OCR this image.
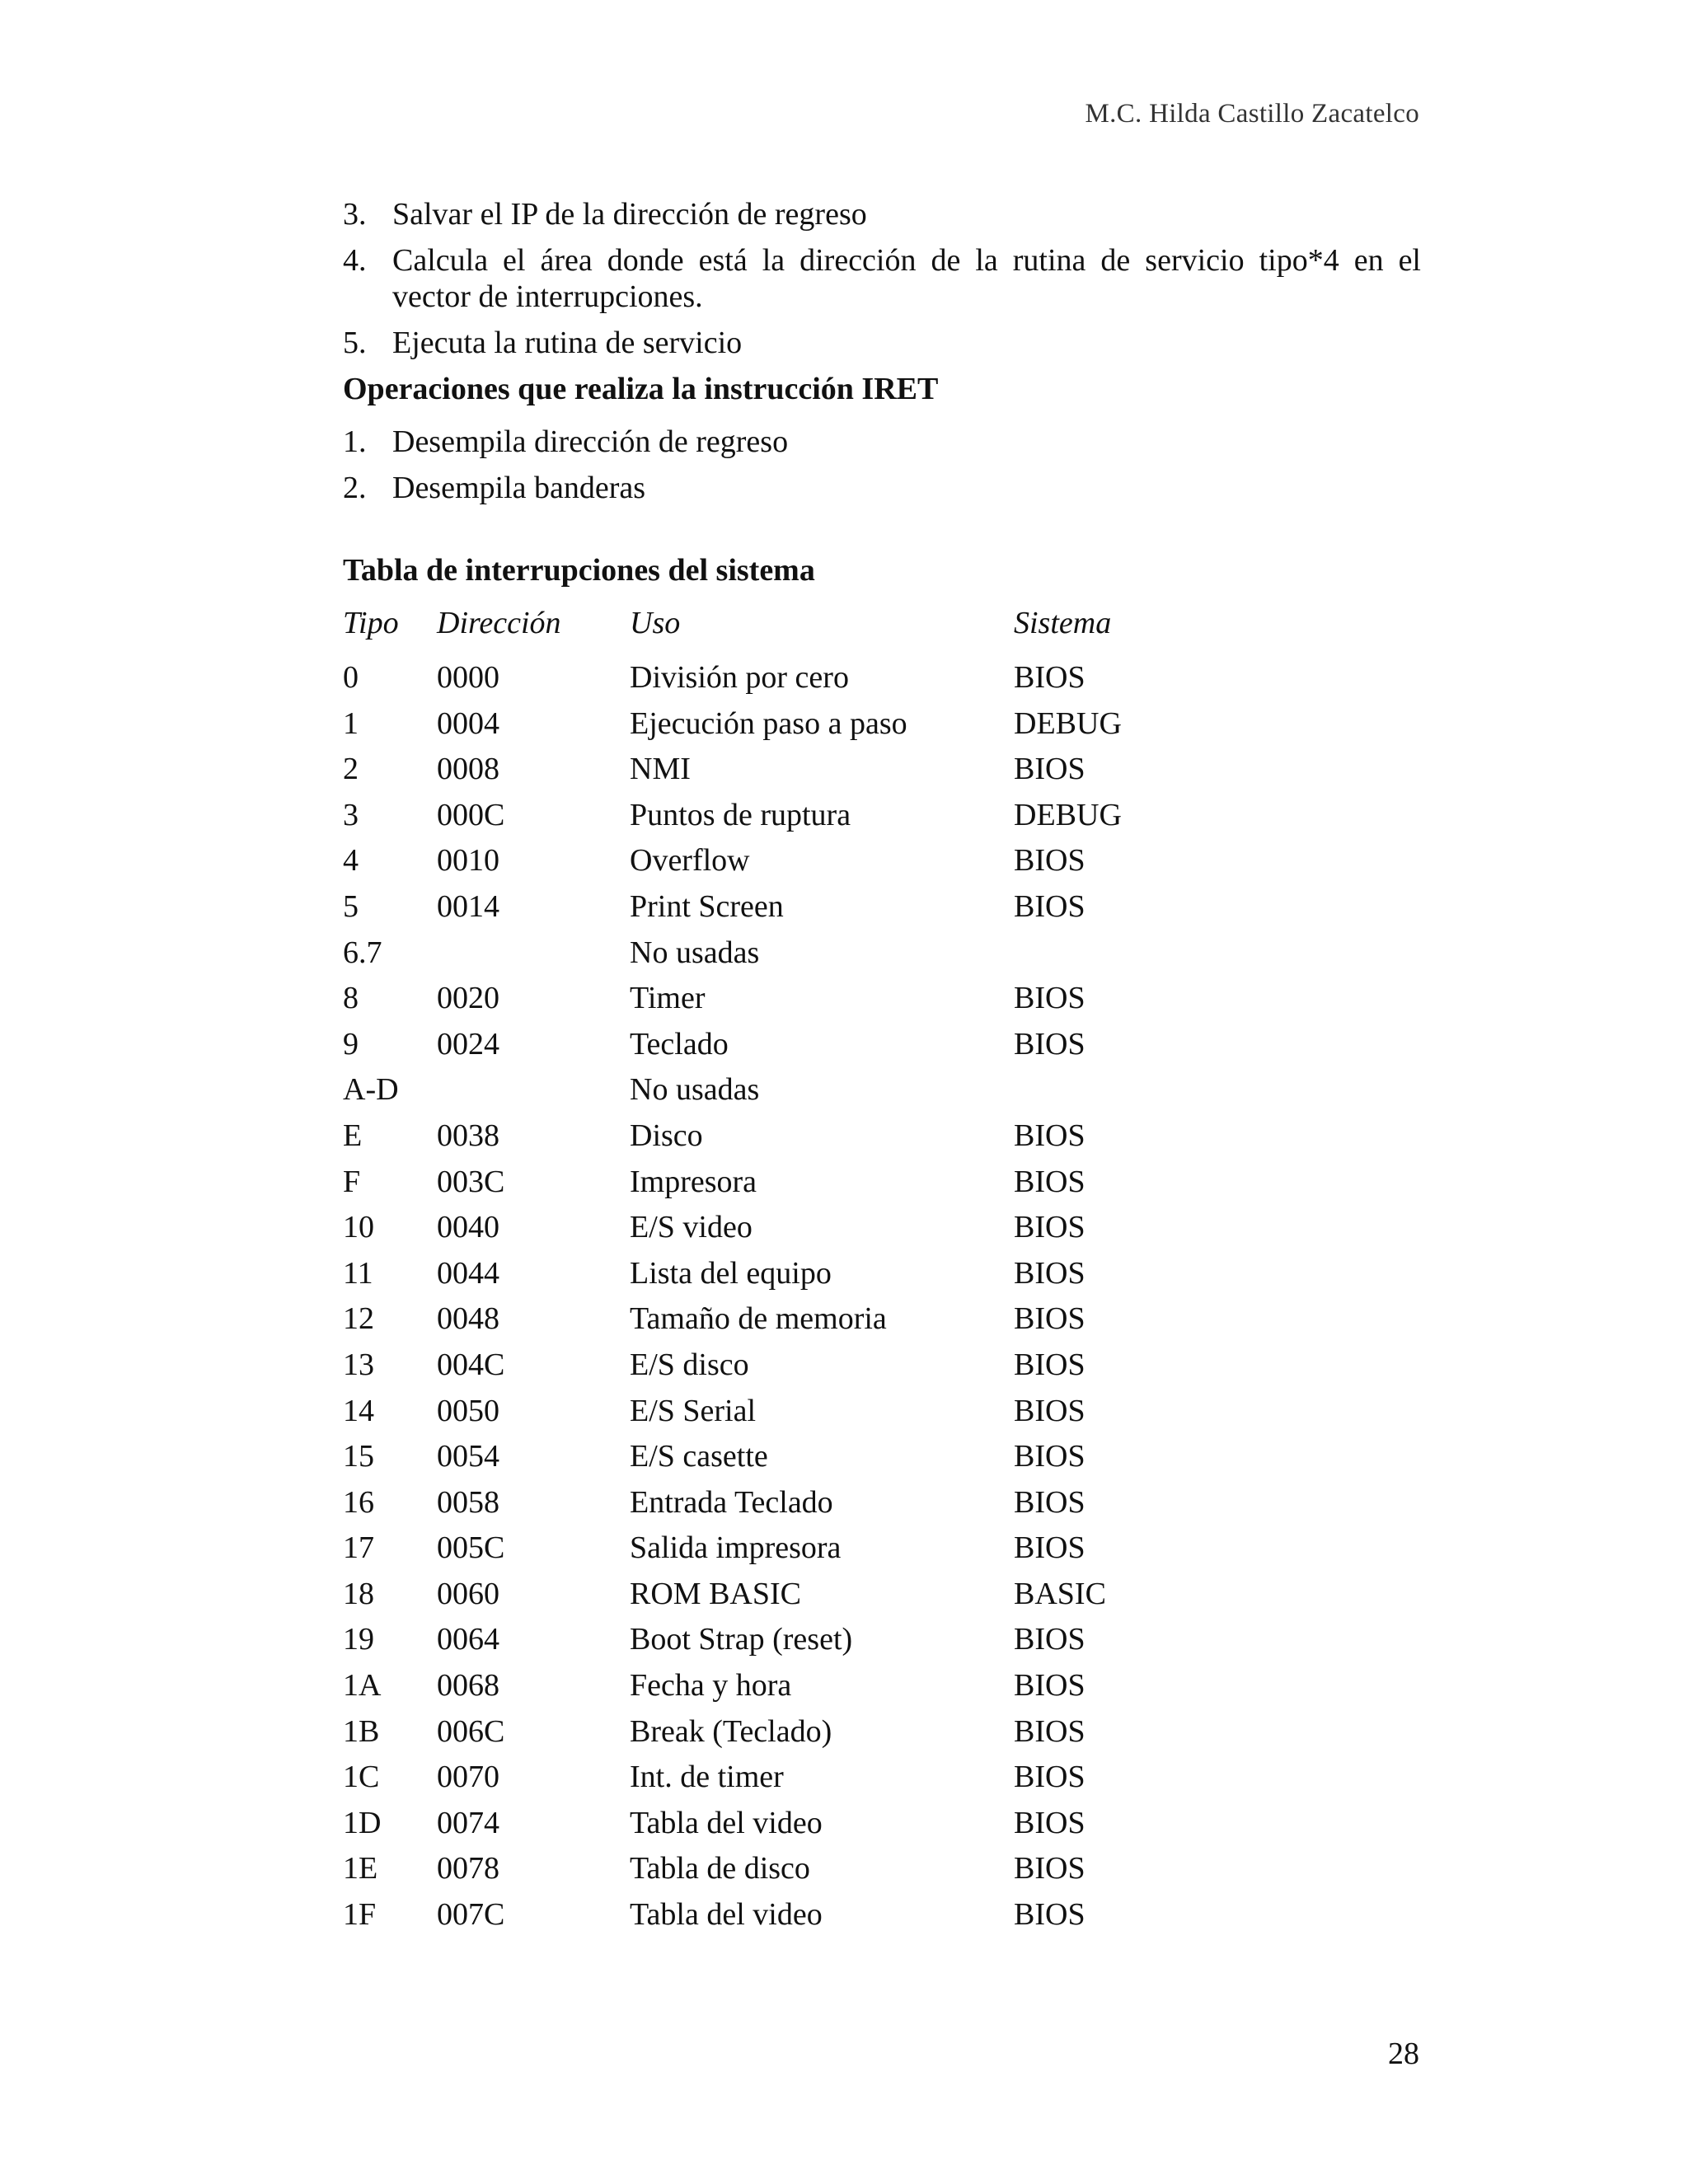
M.C. Hilda Castillo Zacatelco
3. Salvar el IP de la dirección de regreso
4. Calcula el área donde está la dirección de la rutina de servicio tipo*4 en el
vector de interrupciones.
5. Ejecuta la rutina de servicio

Operaciones que realiza la instrucción IRET

1. Desempila dirección de regreso
2. Desempila banderas

Tabla de interrupciones del sistema

Tipo	Dirección	Uso	Sistema
0	0000	División por cero	BIOS
1	0004	Ejecución paso a paso	DEBUG
2	0008	NMI	BIOS
3	000C	Puntos de ruptura	DEBUG
4	0010	Overflow	BIOS
5	0014	Print Screen	BIOS
6.7		No usadas	
8	0020	Timer	BIOS
9	0024	Teclado	BIOS
A-D		No usadas	
E	0038	Disco	BIOS
F	003C	Impresora	BIOS
10	0040	E/S video	BIOS
11	0044	Lista del equipo	BIOS
12	0048	Tamaño de memoria	BIOS
13	004C	E/S disco	BIOS
14	0050	E/S Serial	BIOS
15	0054	E/S casette	BIOS
16	0058	Entrada Teclado	BIOS
17	005C	Salida impresora	BIOS
18	0060	ROM BASIC	BASIC
19	0064	Boot Strap (reset)	BIOS
1A	0068	Fecha y hora	BIOS
1B	006C	Break (Teclado)	BIOS
1C	0070	Int. de timer	BIOS
1D	0074	Tabla del video	BIOS
1E	0078	Tabla de disco	BIOS
1F	007C	Tabla del video	BIOS
28
